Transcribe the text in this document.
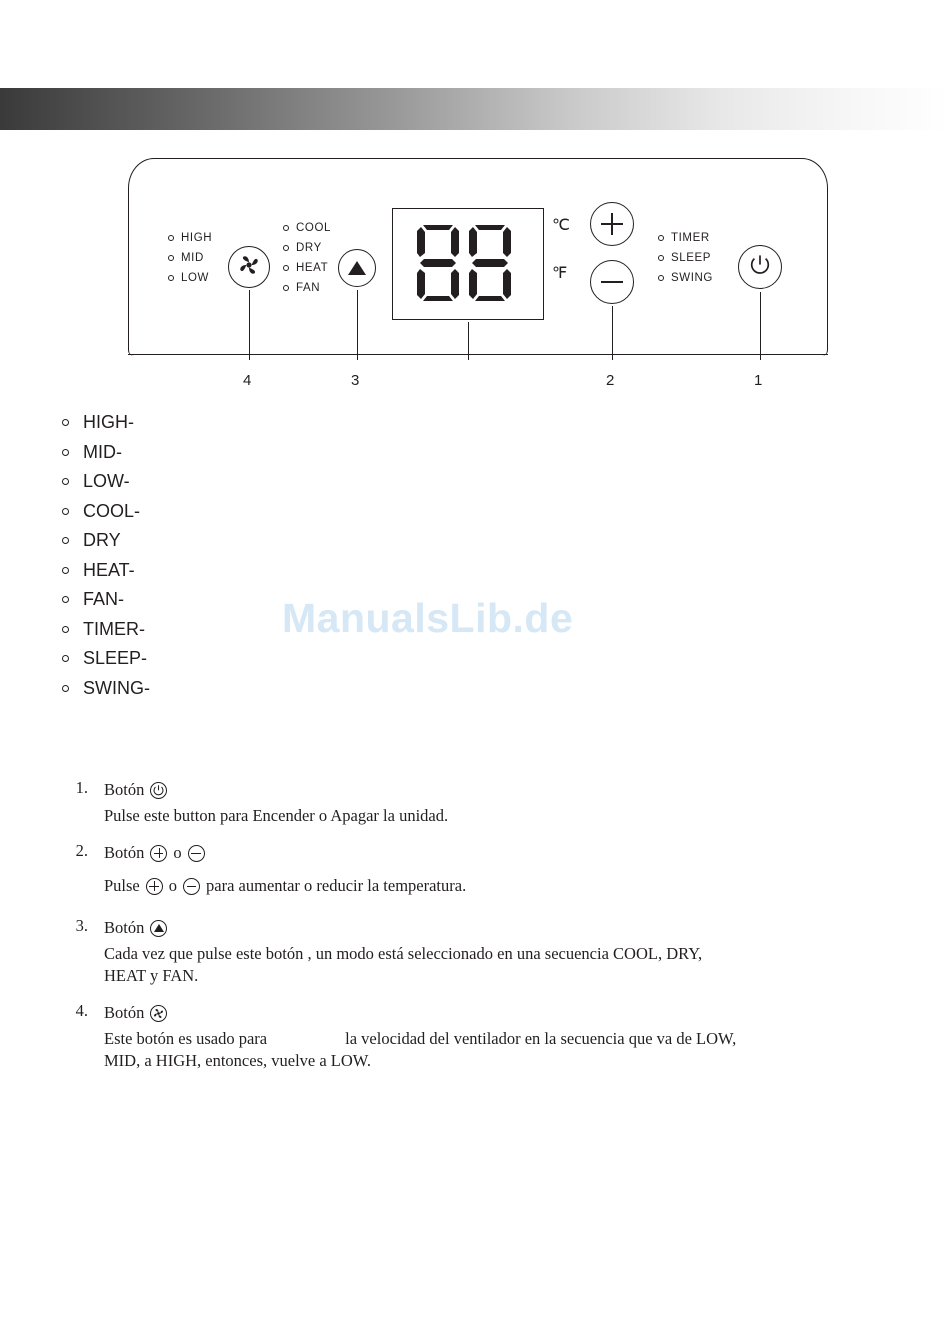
HIGH
MID
LOW
COOL
DRY
HEAT
FAN
TIMER
SLEEP
SWING
℃
℉
4	3	2	1
HIGH-
MID-
LOW-
COOL-
DRY
HEAT-
FAN-
TIMER-
SLEEP-
SWING-
ManualsLib.de
1. Botón
Pulse este button para Encender o Apagar la unidad.
2. Botón o
Pulse o para aumentar o reducir la temperatura.
3. Botón
Cada vez que pulse este botón , un modo está seleccionado en una secuencia COOL, DRY,
HEAT y FAN.
4. Botón
Este botón es usado para	la velocidad del ventilador en la secuencia que va de LOW,
MID, a HIGH, entonces, vuelve a LOW.
